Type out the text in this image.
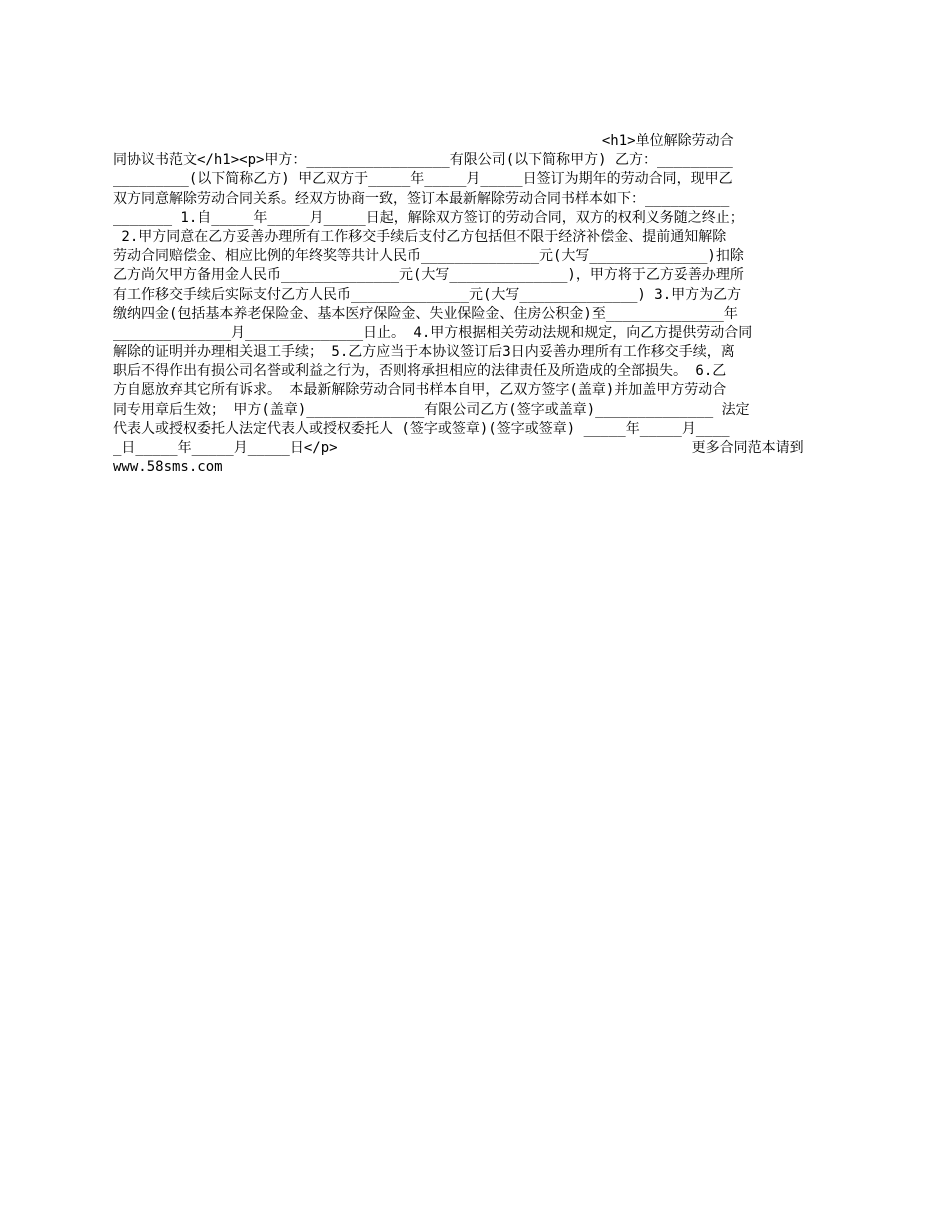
<h1>单位解除劳动合
同协议书范文</h1><p>甲方：_________________有限公司(以下简称甲方) 乙方：_________
_________(以下简称乙方) 甲乙双方于_____年_____月_____日签订为期年的劳动合同，现甲乙
双方同意解除劳动合同关系。经双方协商一致，签订本最新解除劳动合同书样本如下：__________
_______ 1.自_____年_____月_____日起，解除双方签订的劳动合同，双方的权利义务随之终止；
2.甲方同意在乙方妥善办理所有工作移交手续后支付乙方包括但不限于经济补偿金、提前通知解除
劳动合同赔偿金、相应比例的年终奖等共计人民币______________元(大写______________)扣除
乙方尚欠甲方备用金人民币______________元(大写______________)，甲方将于乙方妥善办理所
有工作移交手续后实际支付乙方人民币______________元(大写______________) 3.甲方为乙方
缴纳四金(包括基本养老保险金、基本医疗保险金、失业保险金、住房公积金)至______________年
______________月______________日止。 4.甲方根据相关劳动法规和规定，向乙方提供劳动合同
解除的证明并办理相关退工手续； 5.乙方应当于本协议签订后3日内妥善办理所有工作移交手续，离
职后不得作出有损公司名誉或利益之行为，否则将承担相应的法律责任及所造成的全部损失。 6.乙
方自愿放弃其它所有诉求。 本最新解除劳动合同书样本自甲，乙双方签字(盖章)并加盖甲方劳动合
同专用章后生效； 甲方(盖章)______________有限公司乙方(签字或盖章)______________ 法定
代表人或授权委托人法定代表人或授权委托人 (签字或签章)(签字或签章) _____年_____月____
_日_____年_____月_____日</p>                                          更多合同范本请到
www.58sms.com
